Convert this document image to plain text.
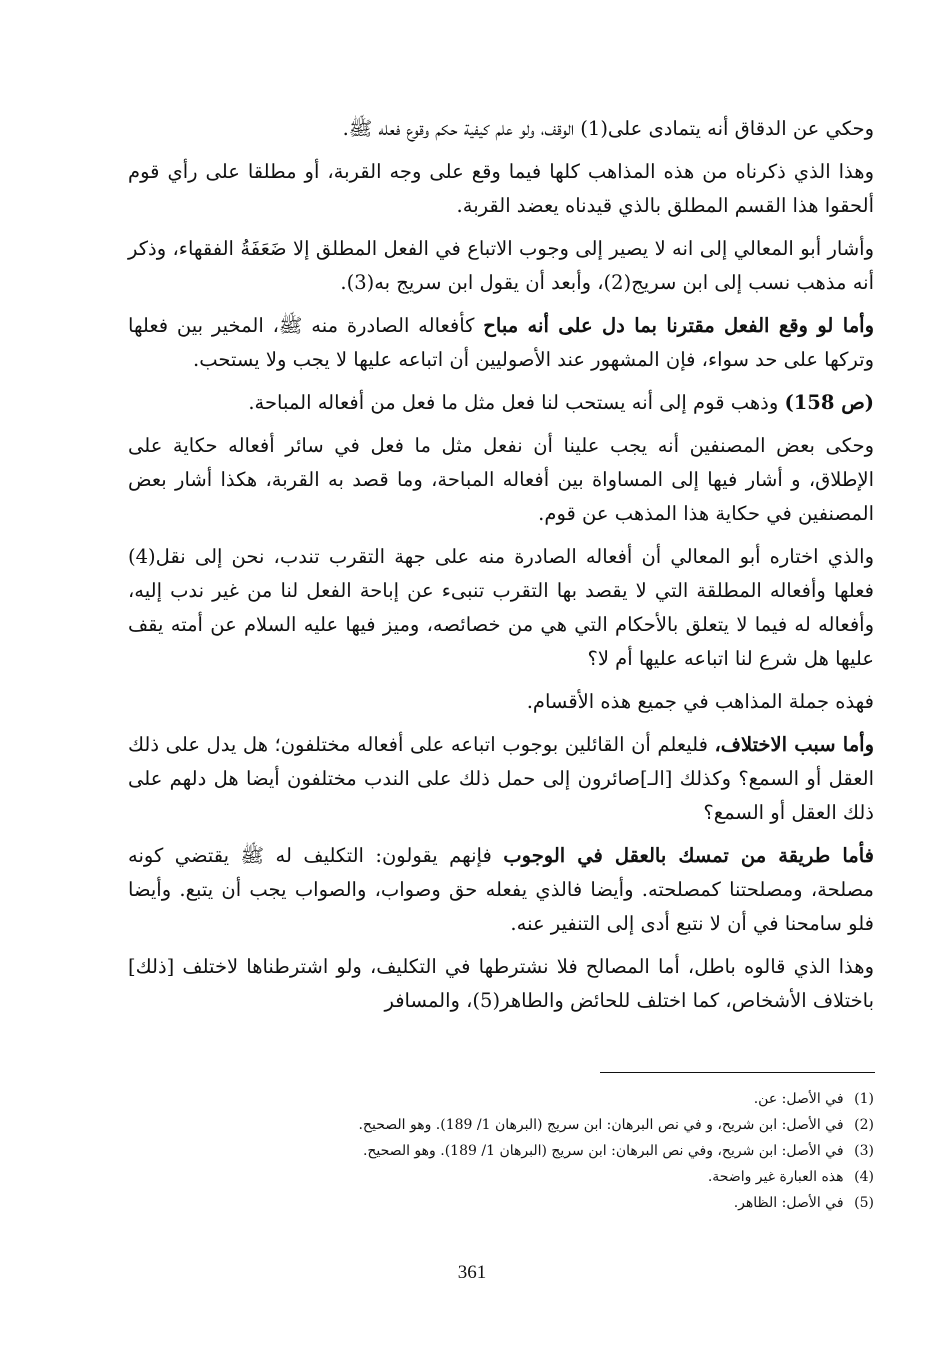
وحكي عن الدقاق أنه يتمادى على(1) الوقف، ولو علم كيفية حكم وقوع فعله ﷺ.

وهذا الذي ذكرناه من هذه المذاهب كلها فيما وقع على وجه القربة، أو مطلقا على رأي قوم ألحقوا هذا القسم المطلق بالذي قيدناه يعضد القربة.

وأشار أبو المعالي إلى انه لا يصير إلى وجوب الاتباع في الفعل المطلق إلا ضَعَفَةُ الفقهاء، وذكر أنه مذهب نسب إلى ابن سريج(2)، وأبعد أن يقول ابن سريج به(3).

وأما لو وقع الفعل مقترنا بما دل على أنه مباح كأفعاله الصادرة منه ﷺ، المخير بين فعلها وتركها على حد سواء، فإن المشهور عند الأصوليين أن اتباعه عليها لا يجب ولا يستحب.

(ص 158) وذهب قوم إلى أنه يستحب لنا فعل مثل ما فعل من أفعاله المباحة.

وحكى بعض المصنفين أنه يجب علينا أن نفعل مثل ما فعل في سائر أفعاله حكاية على الإطلاق، و أشار فيها إلى المساواة بين أفعاله المباحة، وما قصد به القربة، هكذا أشار بعض المصنفين في حكاية هذا المذهب عن قوم.

والذي اختاره أبو المعالي أن أفعاله الصادرة منه على جهة التقرب تندب، نحن إلى نقل(4) فعلها وأفعاله المطلقة التي لا يقصد بها التقرب تنبىء عن إباحة الفعل لنا من غير ندب إليه، وأفعاله له فيما لا يتعلق بالأحكام التي هي من خصائصه، وميز فيها عليه السلام عن أمته يقف عليها هل شرع لنا اتباعه عليها أم لا؟

فهذه جملة المذاهب في جميع هذه الأقسام.

وأما سبب الاختلاف، فليعلم أن القائلين بوجوب اتباعه على أفعاله مختلفون؛ هل يدل على ذلك العقل أو السمع؟ وكذلك [الـ]صائرون إلى حمل ذلك على الندب مختلفون أيضا هل دلهم على ذلك العقل أو السمع؟

فأما طريقة من تمسك بالعقل في الوجوب فإنهم يقولون: التكليف له ﷺ يقتضي كونه مصلحة، ومصلحتنا كمصلحته. وأيضا فالذي يفعله حق وصواب، والصواب يجب أن يتبع. وأيضا فلو سامحنا في أن لا نتبع أدى إلى التنفير عنه.

وهذا الذي قالوه باطل، أما المصالح فلا نشترطها في التكليف، ولو اشترطناها لاختلف [ذلك] باختلاف الأشخاص، كما اختلف للحائض والطاهر(5)، والمسافر

(1) في الأصل: عن.
(2) في الأصل: ابن شريح، و في نص البرهان: ابن سريج (البرهان 1/ 189). وهو الصحيح.
(3) في الأصل: ابن شريح، وفي نص البرهان: ابن سريج (البرهان 1/ 189). وهو الصحيح.
(4) هذه العبارة غير واضحة.
(5) في الأصل: الظاهر.
361
